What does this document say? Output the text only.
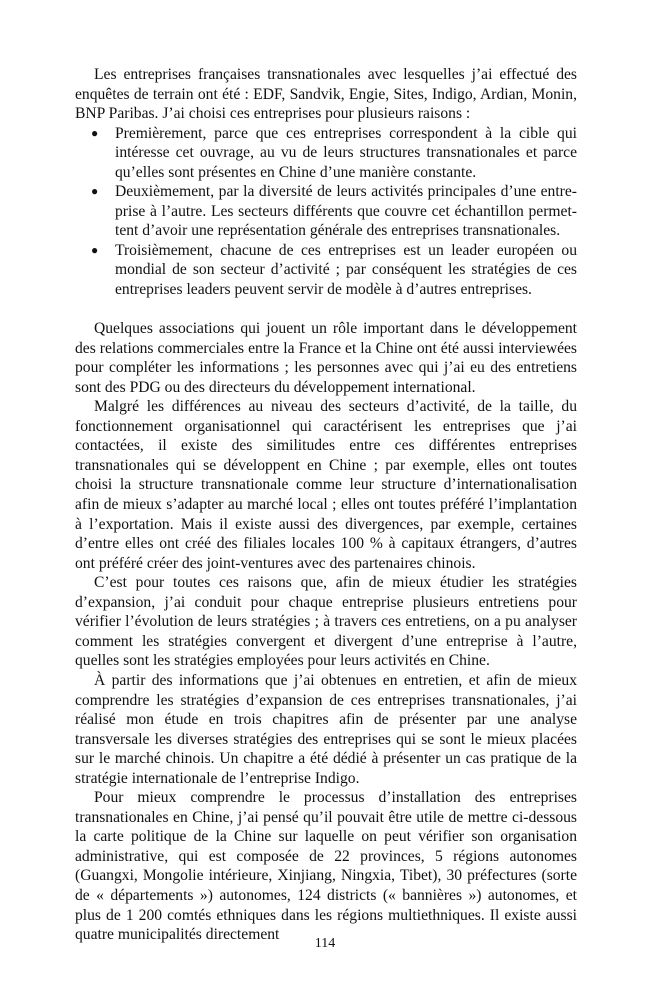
Les entreprises françaises transnationales avec lesquelles j’ai effectué des enquêtes de terrain ont été : EDF, Sandvik, Engie, Sites, Indigo, Ardian, Monin, BNP Paribas. J’ai choisi ces entreprises pour plusieurs raisons :

● Premièrement, parce que ces entreprises correspondent à la cible qui intéresse cet ouvrage, au vu de leurs structures transnationales et parce qu’elles sont présentes en Chine d’une manière constante.
● Deuxièmement, par la diversité de leurs activités principales d’une entre-prise à l’autre. Les secteurs différents que couvre cet échantillon permet-tent d’avoir une représentation générale des entreprises transnationales.
● Troisièmement, chacune de ces entreprises est un leader européen ou mondial de son secteur d’activité ; par conséquent les stratégies de ces entreprises leaders peuvent servir de modèle à d’autres entreprises.

Quelques associations qui jouent un rôle important dans le développement des relations commerciales entre la France et la Chine ont été aussi interviewées pour compléter les informations ; les personnes avec qui j’ai eu des entretiens sont des PDG ou des directeurs du développement international.

Malgré les différences au niveau des secteurs d’activité, de la taille, du fonctionnement organisationnel qui caractérisent les entreprises que j’ai contactées, il existe des similitudes entre ces différentes entreprises transnationales qui se développent en Chine ; par exemple, elles ont toutes choisi la structure transnationale comme leur structure d’internationalisation afin de mieux s’adapter au marché local ; elles ont toutes préféré l’implantation à l’exportation. Mais il existe aussi des divergences, par exemple, certaines d’entre elles ont créé des filiales locales 100 % à capitaux étrangers, d’autres ont préféré créer des joint-ventures avec des partenaires chinois.

C’est pour toutes ces raisons que, afin de mieux étudier les stratégies d’expansion, j’ai conduit pour chaque entreprise plusieurs entretiens pour vérifier l’évolution de leurs stratégies ; à travers ces entretiens, on a pu analyser comment les stratégies convergent et divergent d’une entreprise à l’autre, quelles sont les stratégies employées pour leurs activités en Chine.

À partir des informations que j’ai obtenues en entretien, et afin de mieux comprendre les stratégies d’expansion de ces entreprises transnationales, j’ai réalisé mon étude en trois chapitres afin de présenter par une analyse transversale les diverses stratégies des entreprises qui se sont le mieux placées sur le marché chinois. Un chapitre a été dédié à présenter un cas pratique de la stratégie internationale de l’entreprise Indigo.

Pour mieux comprendre le processus d’installation des entreprises transnationales en Chine, j’ai pensé qu’il pouvait être utile de mettre ci-dessous la carte politique de la Chine sur laquelle on peut vérifier son organisation administrative, qui est composée de 22 provinces, 5 régions autonomes (Guangxi, Mongolie intérieure, Xinjiang, Ningxia, Tibet), 30 préfectures (sorte de « départements ») autonomes, 124 districts (« bannières ») autonomes, et plus de 1 200 comtés ethniques dans les régions multiethniques. Il existe aussi quatre municipalités directement

114
